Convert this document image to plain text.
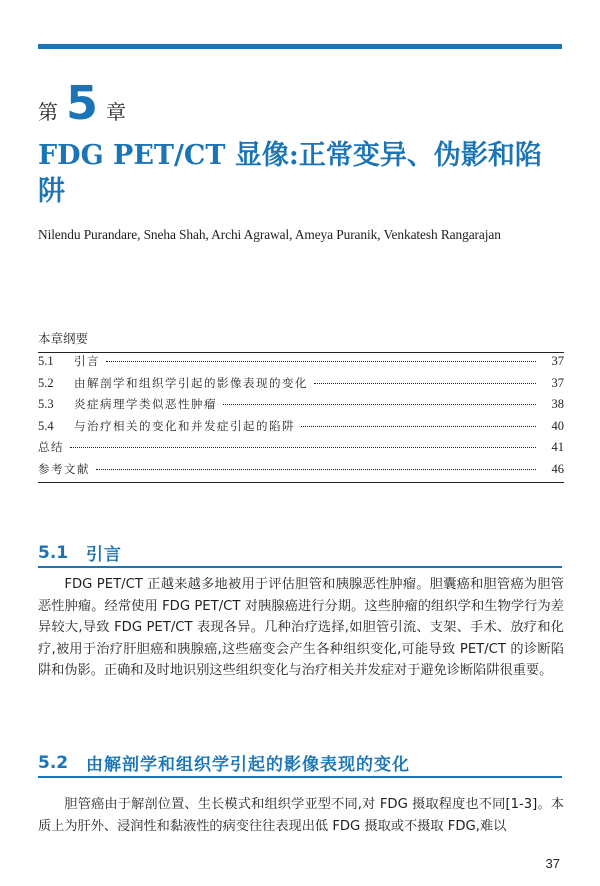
第 5 章
FDG PET/CT 显像:正常变异、伪影和陷阱
Nilendu Purandare, Sneha Shah, Archi Agrawal, Ameya Puranik, Venkatesh Rangarajan
本章纲要
5.1	引言	37
5.2	由解剖学和组织学引起的影像表现的变化	37
5.3	炎症病理学类似恶性肿瘤	38
5.4	与治疗相关的变化和并发症引起的陷阱	40
总结	41
参考文献	46
5.1	引言

FDG PET/CT 正越来越多地被用于评估胆管和胰腺恶性肿瘤。胆囊癌和胆管癌为胆管恶性肿瘤。经常使用 FDG PET/CT 对胰腺癌进行分期。这些肿瘤的组织学和生物学行为差异较大,导致 FDG PET/CT 表现各异。几种治疗选择,如胆管引流、支架、手术、放疗和化疗,被用于治疗肝胆癌和胰腺癌,这些癌变会产生各种组织变化,可能导致 PET/CT 的诊断陷阱和伪影。正确和及时地识别这些组织变化与治疗相关并发症对于避免诊断陷阱很重要。

5.2	由解剖学和组织学引起的影像表现的变化

胆管癌由于解剖位置、生长模式和组织学亚型不同,对 FDG 摄取程度也不同[1-3]。本质上为肝外、浸润性和黏液性的病变往往表现出低 FDG 摄取或不摄取 FDG,难以

37
